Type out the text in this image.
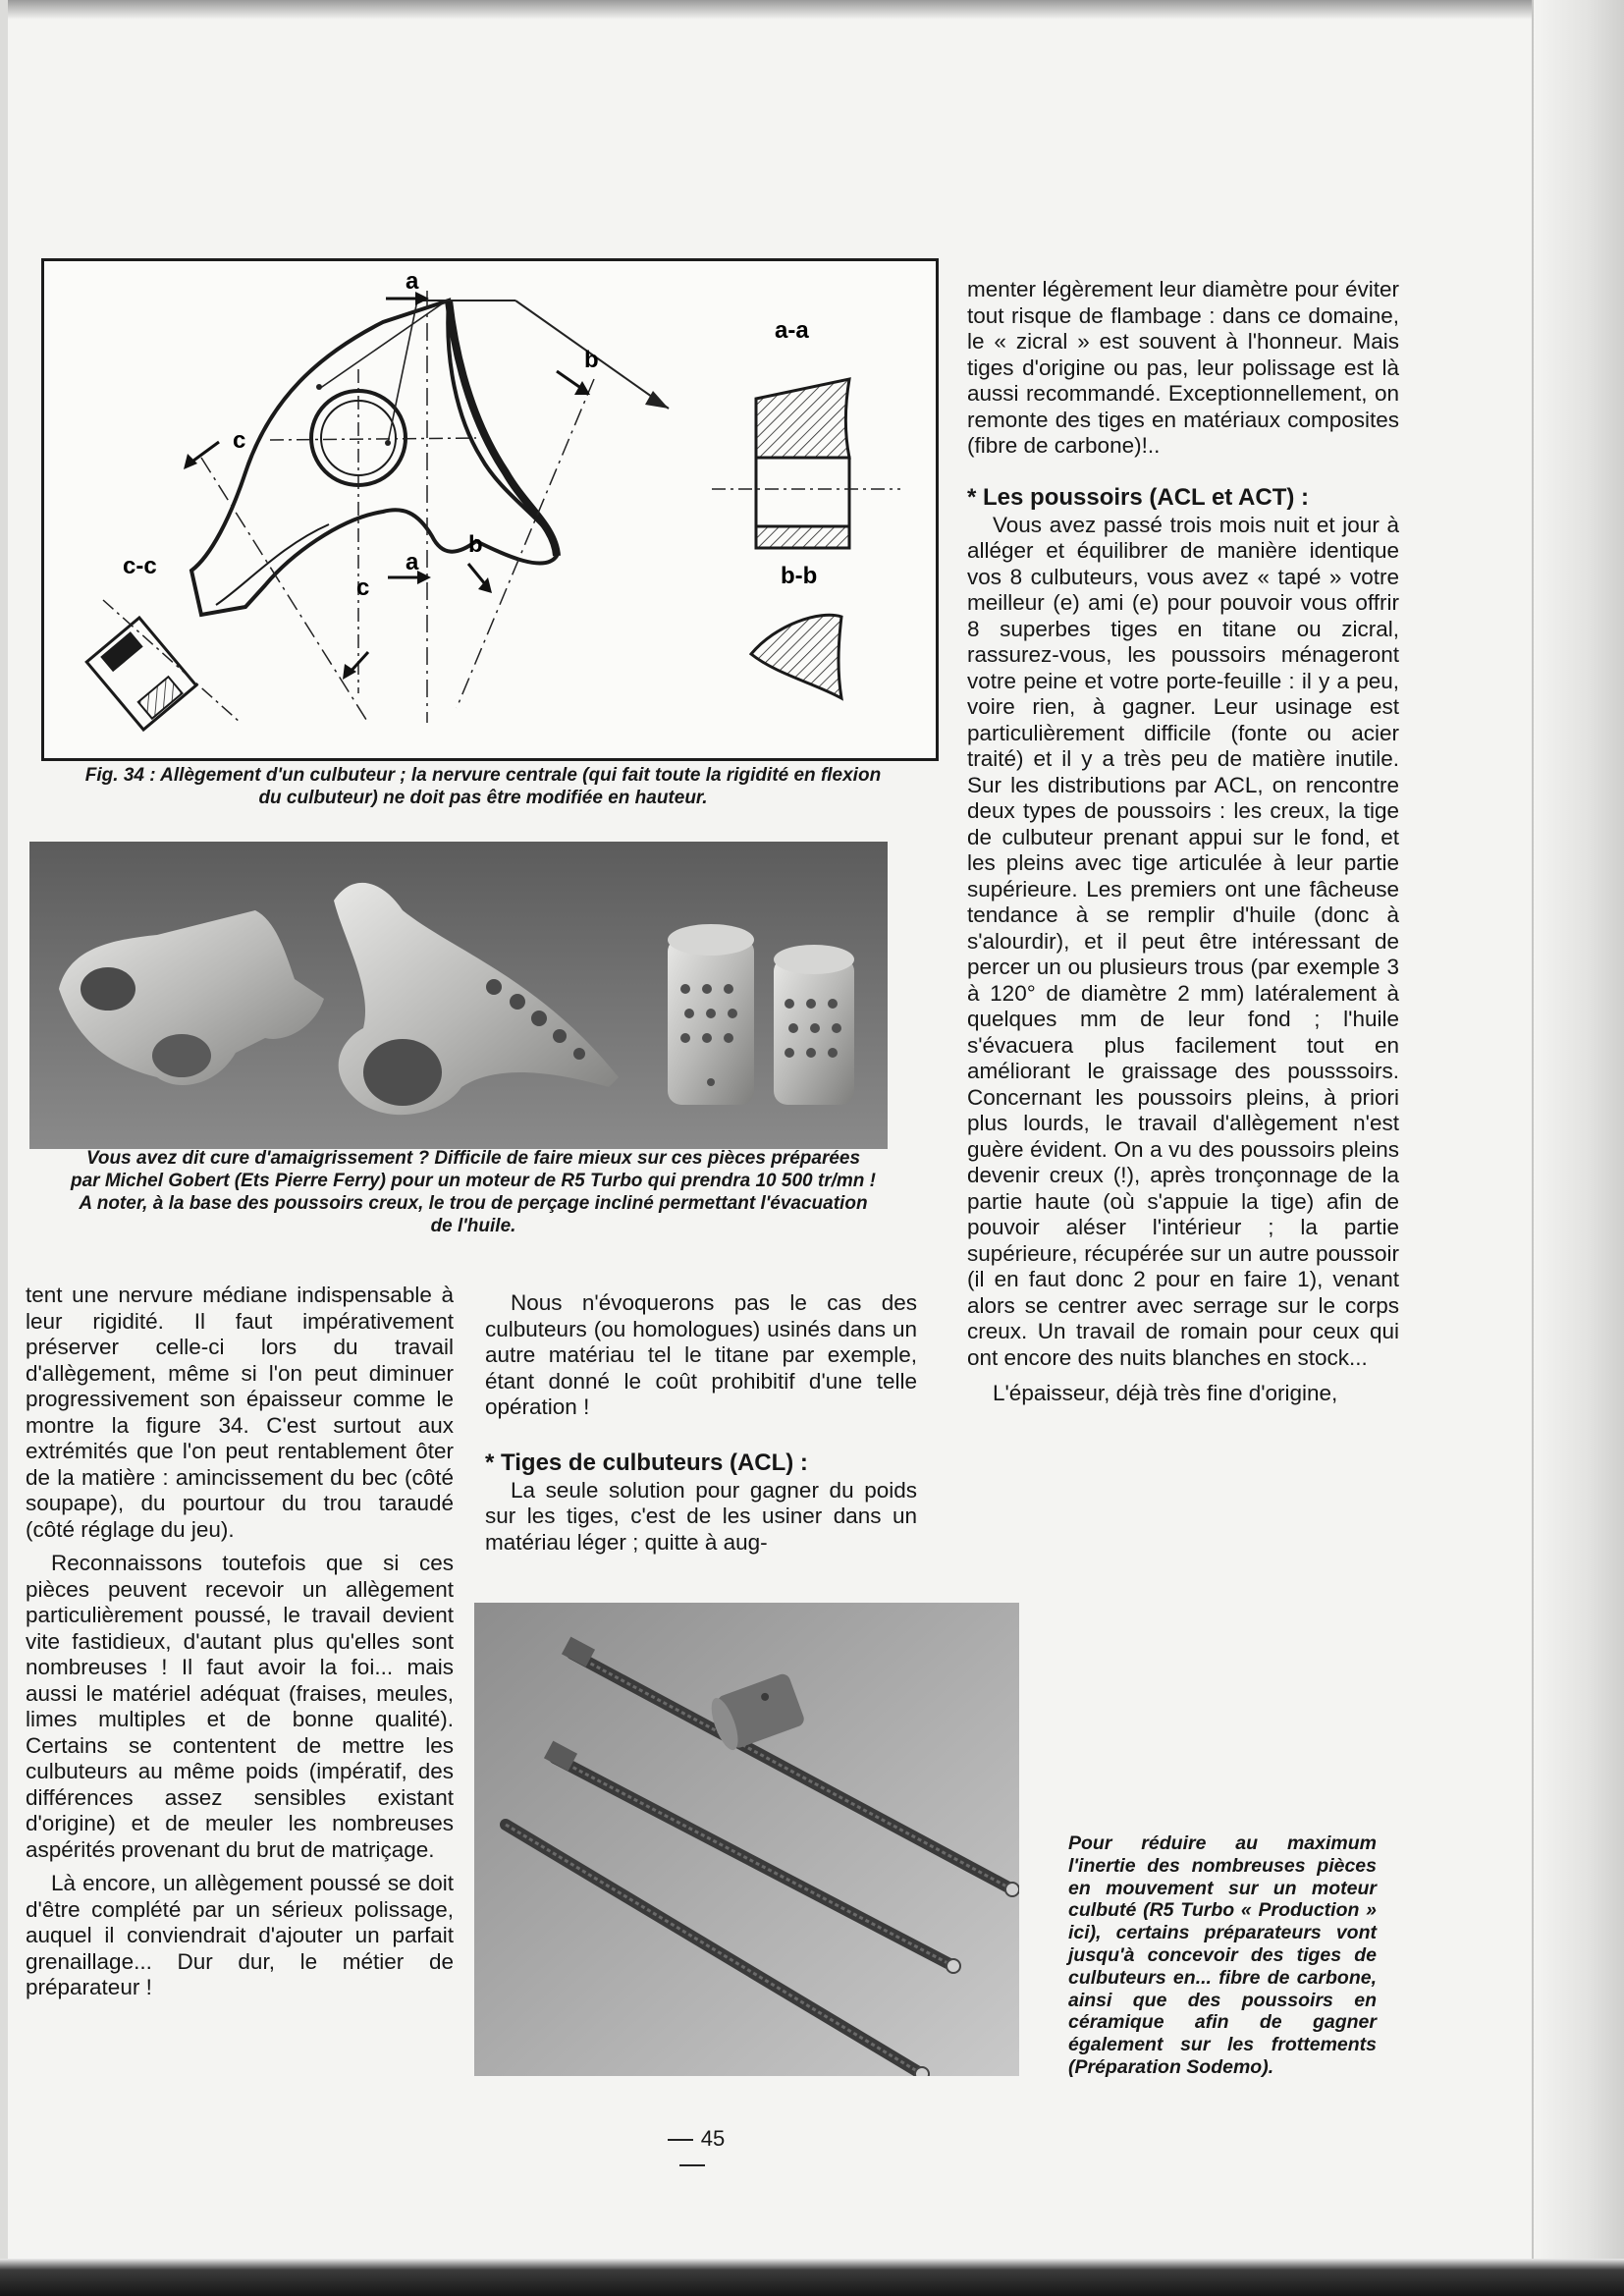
a
a-a
b
c
c-c	a
b
c	b-b
Fig. 34 : Allègement d'un culbuteur ; la nervure centrale (qui fait toute la rigidité en flexion
du culbuteur) ne doit pas être modifiée en hauteur.
Vous avez dit cure d'amaigrissement ? Difficile de faire mieux sur ces pièces préparées
par Michel Gobert (Ets Pierre Ferry) pour un moteur de R5 Turbo qui prendra 10 500 tr/mn !
A noter, à la base des poussoirs creux, le trou de perçage incliné permettant l'évacuation
de l'huile.

tent une nervure médiane indispensable à leur rigidité. Il faut impérativement préserver celle-ci lors du travail d'allègement, même si l'on peut diminuer progressivement son épaisseur comme le montre la figure 34. C'est surtout aux extrémités que l'on peut rentablement ôter de la matière : amincissement du bec (côté soupape), du pourtour du trou taraudé (côté réglage du jeu).

Reconnaissons toutefois que si ces pièces peuvent recevoir un allègement particulièrement poussé, le travail devient vite fastidieux, d'autant plus qu'elles sont nombreuses ! Il faut avoir la foi... mais aussi le matériel adéquat (fraises, meules, limes multiples et de bonne qualité). Certains se contentent de mettre les culbuteurs au même poids (impératif, des différences assez sensibles existant d'origine) et de meuler les nombreuses aspérités provenant du brut de matriçage.

Là encore, un allègement poussé se doit d'être complété par un sérieux polissage, auquel il conviendrait d'ajouter un parfait grenaillage... Dur dur, le métier de préparateur !

Nous n'évoquerons pas le cas des culbuteurs (ou homologues) usinés dans un autre matériau tel le titane par exemple, étant donné le coût prohibitif d'une telle opération !

* Tiges de culbuteurs (ACL) :

La seule solution pour gagner du poids sur les tiges, c'est de les usiner dans un matériau léger ; quitte à aug-

Pour réduire au maximum l'inertie des nombreuses pièces en mouvement sur un moteur culbuté (R5 Turbo « Production » ici), certains préparateurs vont jusqu'à concevoir des tiges de culbuteurs en... fibre de carbone, ainsi que des poussoirs en céramique afin de gagner également sur les frottements (Préparation Sodemo).

menter légèrement leur diamètre pour éviter tout risque de flambage : dans ce domaine, le « zicral » est souvent à l'honneur. Mais tiges d'origine ou pas, leur polissage est là aussi recommandé. Exceptionnellement, on remonte des tiges en matériaux composites (fibre de carbone)!..

* Les poussoirs (ACL et ACT) :

Vous avez passé trois mois nuit et jour à alléger et équilibrer de manière identique vos 8 culbuteurs, vous avez « tapé » votre meilleur (e) ami (e) pour pouvoir vous offrir 8 superbes tiges en titane ou zicral, rassurez-vous, les poussoirs ménageront votre peine et votre porte-feuille : il y a peu, voire rien, à gagner. Leur usinage est particulièrement difficile (fonte ou acier traité) et il y a très peu de matière inutile. Sur les distributions par ACL, on rencontre deux types de poussoirs : les creux, la tige de culbuteur prenant appui sur le fond, et les pleins avec tige articulée à leur partie supérieure. Les premiers ont une fâcheuse tendance à se remplir d'huile (donc à s'alourdir), et il peut être intéressant de percer un ou plusieurs trous (par exemple 3 à 120° de diamètre 2 mm) latéralement à quelques mm de leur fond ; l'huile s'évacuera plus facilement tout en améliorant le graissage des pousssoirs. Concernant les poussoirs pleins, à priori plus lourds, le travail d'allègement n'est guère évident. On a vu des poussoirs pleins devenir creux (!), après tronçonnage de la partie haute (où s'appuie la tige) afin de pouvoir aléser l'intérieur ; la partie supérieure, récupérée sur un autre poussoir (il en faut donc 2 pour en faire 1), venant alors se centrer avec serrage sur le corps creux. Un travail de romain pour ceux qui ont encore des nuits blanches en stock...

L'épaisseur, déjà très fine d'origine,

45
